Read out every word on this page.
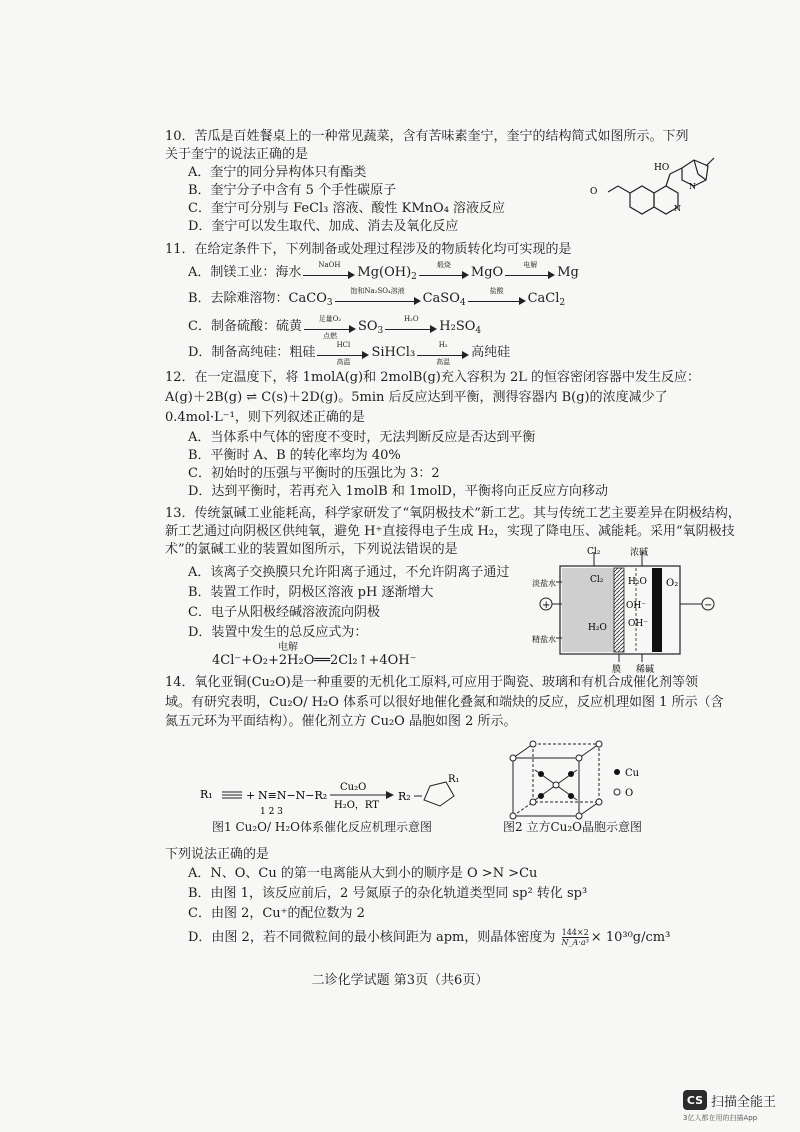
10．苦瓜是百姓餐桌上的一种常见蔬菜，含有苦味素奎宁，奎宁的结构简式如图所示。下列
关于奎宁的说法正确的是
A．奎宁的同分异构体只有酯类
B．奎宁分子中含有 5 个手性碳原子
C．奎宁可分别与 FeCl₃ 溶液、酸性 KMnO₄ 溶液反应
D．奎宁可以发生取代、加成、消去及氧化反应
O
N
N
HO
11．在给定条件下，下列制备或处理过程涉及的物质转化均可实现的是
A．制镁工业：海水
NaOH
$Mg(OH)_2$
煅烧
MgO
电解
Mg
B．去除难溶物：CaCO$_3$
饱和Na₂SO₄溶液
CaSO$_4$
盐酸
CaCl$_2$
C．制备硫酸：硫黄
足量O₂
点燃
$SO_3$
H₂O
$H_2SO_4$
D．制备高纯硅：粗硅
HCl
高温
SiHCl₃
H₂
高温
高纯硅
12．在一定温度下，将 1molA(g)和 2molB(g)充入容积为 2L 的恒容密闭容器中发生反应：
A(g)＋2B(g) ⇌ C(s)＋2D(g)。5min 后反应达到平衡，测得容器内 B(g)的浓度减少了
0.4mol·L⁻¹，则下列叙述正确的是
A．当体系中气体的密度不变时，无法判断反应是否达到平衡
B．平衡时 A、B 的转化率均为 40%
C．初始时的压强与平衡时的压强比为 3：2
D．达到平衡时，若再充入 1molB 和 1molD，平衡将向正反应方向移动
13．传统氯碱工业能耗高，科学家研发了“氧阴极技术”新工艺。其与传统工艺主要差异在阴极结构，
新工艺通过向阴极区供纯氧，避免 H⁺直接得电子生成 H₂，实现了降电压、减能耗。采用“氧阴极技
术”的氯碱工业的装置如图所示，下列说法错误的是
A．该离子交换膜只允许阳离子通过，不允许阴离子通过
B．装置工作时，阴极区溶液 pH 逐渐增大
C．电子从阳极经碱溶液流向阴极
D．装置中发生的总反应式为：
电解
4Cl⁻+O₂+2H₂O══2Cl₂↑+4OH⁻
Cl₂	浓碱
淡盐水	Cl₂	H₂O O₂
OH⁻
H₂O OH⁻
精盐水
+	−
膜 稀碱
14．氧化亚铜(Cu₂O)是一种重要的无机化工原料,可应用于陶瓷、玻璃和有机合成催化剂等领
域。有研究表明，Cu₂O/ H₂O 体系可以很好地催化叠氮和端炔的反应，反应机理如图 1 所示（含
氮五元环为平面结构）。催化剂立方 Cu₂O 晶胞如图 2 所示。
R₁	+ N≡N−N−R₂
1 2 3
Cu₂O
H₂O，RT
R₂
R₁
图1 Cu₂O/ H₂O体系催化反应机理示意图
Cu
O
图2 立方Cu₂O晶胞示意图
下列说法正确的是
A．N、O、Cu 的第一电离能从大到小的顺序是 O >N >Cu
B．由图 1，该反应前后，2 号氮原子的杂化轨道类型同 sp² 转化 sp³
C．由图 2，Cu⁺的配位数为 2
D．由图 2，若不同微粒间的最小核间距为 apm，则晶体密度为 $\frac{144\times 2}{\text{N\_A·a³}} \times 10^{30}g/cm^3$
二诊化学试题 第3页（共6页）
CS 扫描全能王
3亿人都在用的扫描App
